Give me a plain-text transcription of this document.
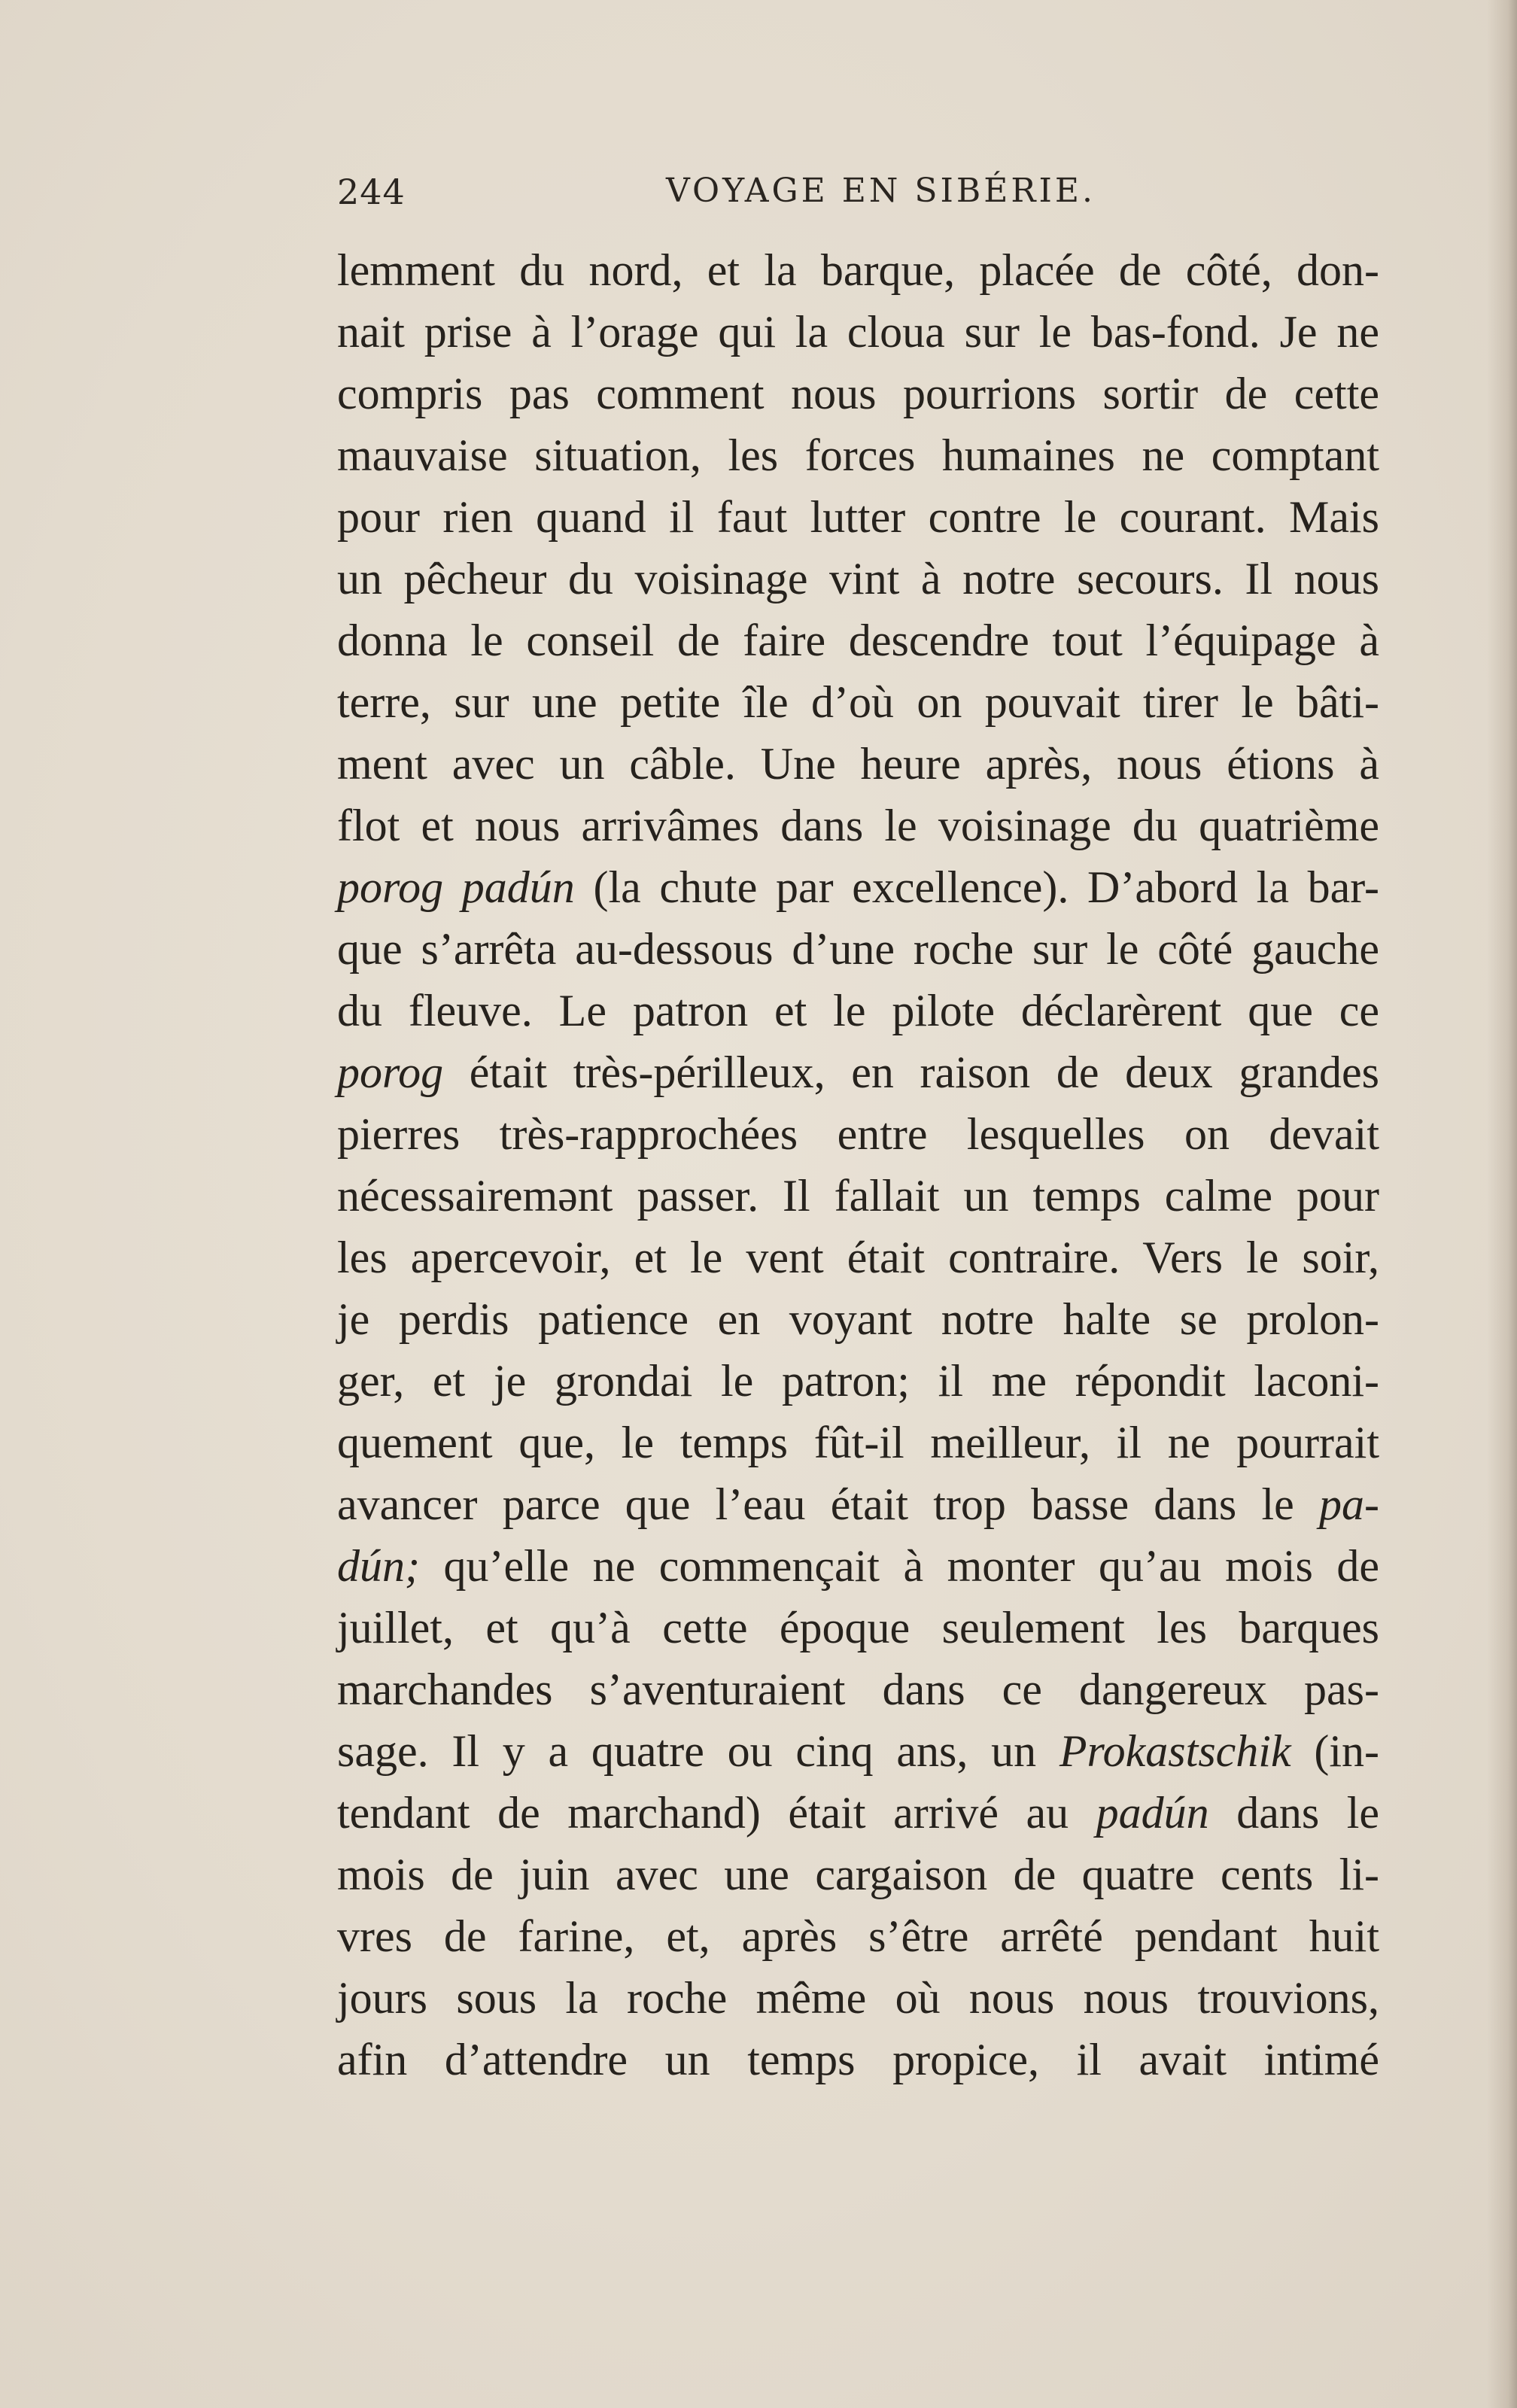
244	VOYAGE EN SIBÉRIE.
lemment du nord, et la barque, placée de côté, don-
nait prise à l’orage qui la cloua sur le bas-fond. Je ne
compris pas comment nous pourrions sortir de cette
mauvaise situation, les forces humaines ne comptant
pour rien quand il faut lutter contre le courant. Mais
un pêcheur du voisinage vint à notre secours. Il nous
donna le conseil de faire descendre tout l’équipage à
terre, sur une petite île d’où on pouvait tirer le bâti-
ment avec un câble. Une heure après, nous étions à
flot et nous arrivâmes dans le voisinage du quatrième
porog padún (la chute par excellence). D’abord la bar-
que s’arrêta au-dessous d’une roche sur le côté gauche
du fleuve. Le patron et le pilote déclarèrent que ce
porog était très-périlleux, en raison de deux grandes
pierres très-rapprochées entre lesquelles on devait
nécessairemənt passer. Il fallait un temps calme pour
les apercevoir, et le vent était contraire. Vers le soir,
je perdis patience en voyant notre halte se prolon-
ger, et je grondai le patron; il me répondit laconi-
quement que, le temps fût-il meilleur, il ne pourrait
avancer parce que l’eau était trop basse dans le pa-
dún; qu’elle ne commençait à monter qu’au mois de
juillet, et qu’à cette époque seulement les barques
marchandes s’aventuraient dans ce dangereux pas-
sage. Il y a quatre ou cinq ans, un Prokastschik (in-
tendant de marchand) était arrivé au padún dans le
mois de juin avec une cargaison de quatre cents li-
vres de farine, et, après s’être arrêté pendant huit
jours sous la roche même où nous nous trouvions,
afin d’attendre un temps propice, il avait intimé
